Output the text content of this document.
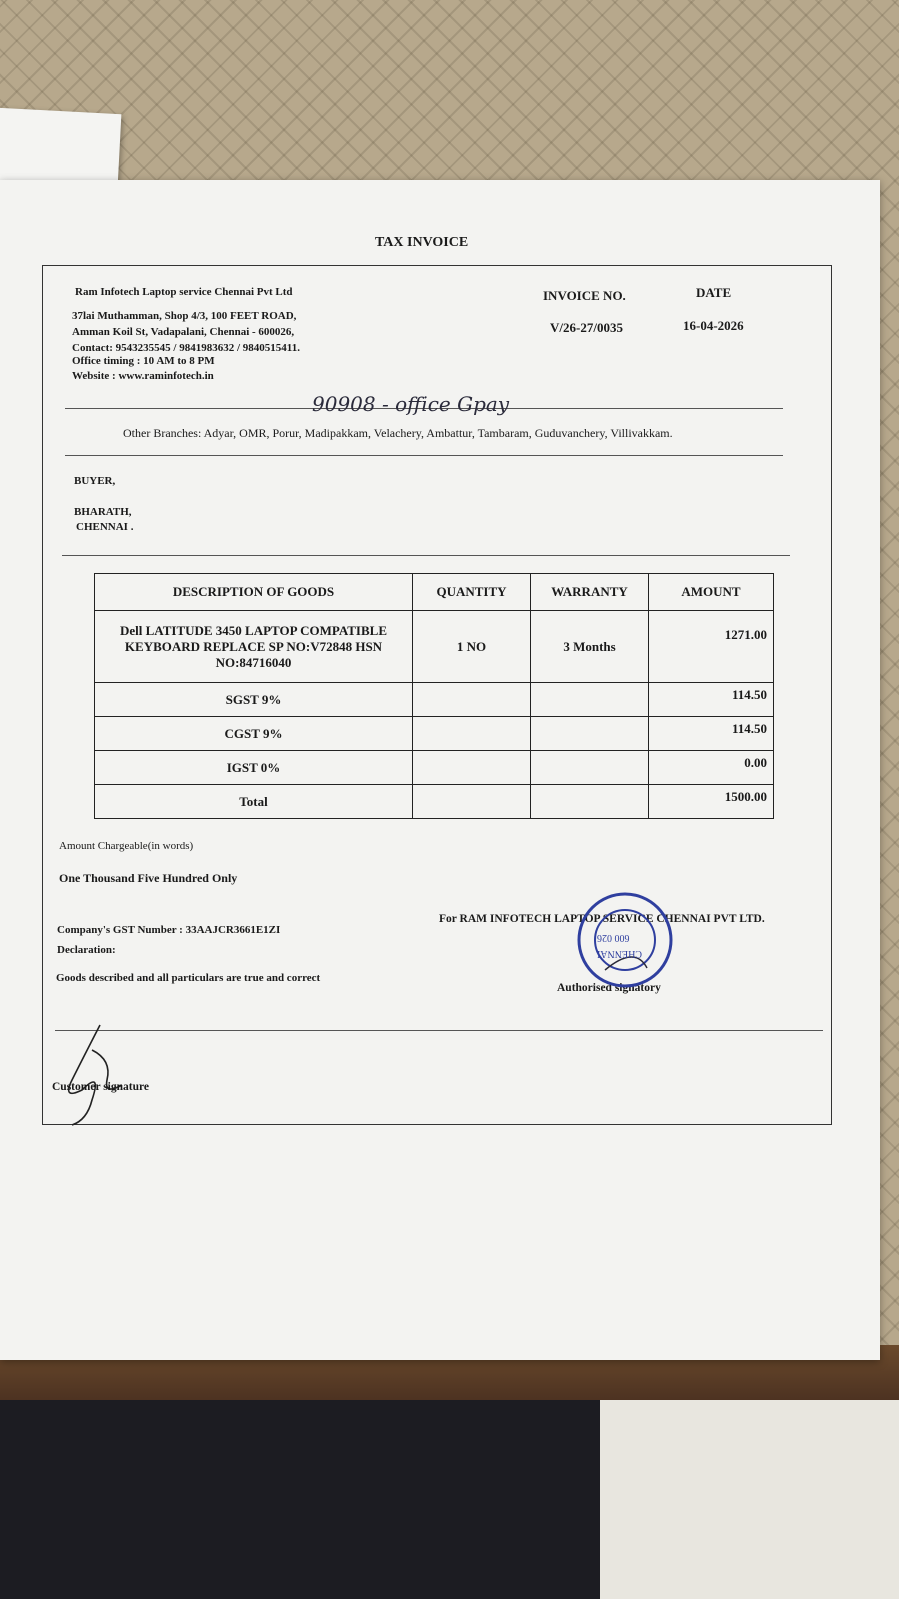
TAX INVOICE
Ram Infotech Laptop service Chennai Pvt Ltd
37lai Muthamman, Shop 4/3, 100 FEET ROAD,
Amman Koil St, Vadapalani, Chennai - 600026,
Contact: 9543235545 / 9841983632 / 9840515411.
Office timing : 10 AM to 8 PM
Website : www.raminfotech.in
INVOICE NO.	DATE
V/26-27/0035	16-04-2026
90908 - office Gpay
Other Branches: Adyar, OMR, Porur, Madipakkam, Velachery, Ambattur, Tambaram, Guduvanchery, Villivakkam.
BUYER,
BHARATH,
CHENNAI .
DESCRIPTION OF GOODS	QUANTITY	WARRANTY	AMOUNT

Dell LATITUDE 3450 LAPTOP COMPATIBLE
KEYBOARD REPLACE SP NO:V72848 HSN
NO:84716040	1 NO	3 Months	1271.00
SGST 9%			114.50
CGST 9%			114.50
IGST 0%			0.00
Total			1500.00
Amount Chargeable(in words)
One Thousand Five Hundred Only
Company's GST Number : 33AAJCR3661E1ZI
Declaration:
Goods described and all particulars are true and correct
For RAM INFOTECH LAPTOP SERVICE CHENNAI PVT LTD.
Authorised signatory
600 026
CHENNAI
Customer signature
